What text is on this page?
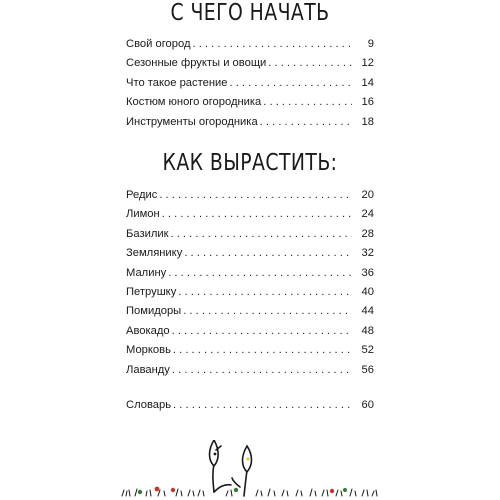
С ЧЕГО НАЧАТЬ
Свой огород . . .	9
Сезонные фрукты и овощи . . .	12
Что такое растение . . .	14
Костюм юного огородника . . .	16
Инструменты огородника . . .	18
КАК ВЫРАСТИТЬ:
Редис . . .	20
Лимон . . .	24
Базилик . . .	28
Землянику . . .	32
Малину . . .	36
Петрушку . . .	40
Помидоры . . .	44
Авокадо . . .	48
Морковь . . .	52
Лаванду . . .	56
Словарь . . .	60
